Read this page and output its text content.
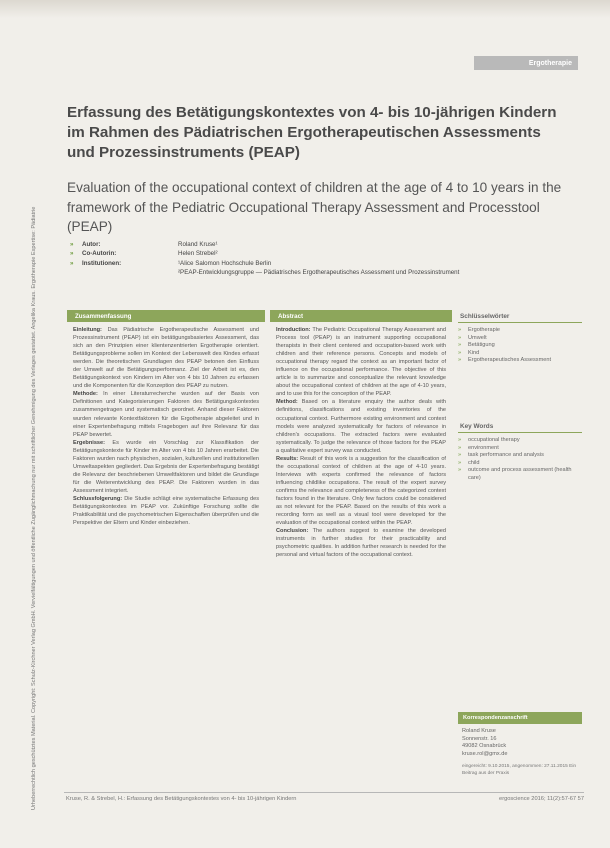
Urheberrechtlich geschütztes Material. Copyright: Schulz-Kirchner Verlag GmbH. Vervielfältigungen und öffentliche Zugänglichmachung nur mit schriftlicher Genehmigung des Verlages gestattet. Angelika Kraus. Ergotherapie Expertise: Pädiatrie
Ergotherapie
Erfassung des Betätigungskontextes von 4- bis 10-jährigen Kindern im Rahmen des Pädiatrischen Ergotherapeutischen Assessments und Prozessinstruments (PEAP)
Evaluation of the occupational context of children at the age of 4 to 10 years in the framework of the Pediatric Occupational Therapy Assessment and Processtool (PEAP)
» Autor:	Roland Kruse¹
» Co-Autorin:	Helen Strebel²
» Institutionen:	¹Alice Salomon Hochschule Berlin
²PEAP-Entwicklungsgruppe — Pädiatrisches Ergotherapeutisches Assessment und Prozessinstrument
Zusammenfassung

Einleitung: Das Pädiatrische Ergotherapeutische Assessment und Prozessinstrument (PEAP) ist ein betätigungsbasiertes Assessment, das sich an den Prinzipien einer klientenzentrierten Ergotherapie orientiert. Betätigungsprobleme sollen im Kontext der Lebenswelt des Kindes erfasst werden. Die theoretischen Grundlagen des PEAP betonen den Einfluss der Umwelt auf die Betätigungsperformanz. Ziel der Arbeit ist es, den Betätigungskontext von Kindern im Alter von 4 bis 10 Jahren zu erfassen und die Komponenten für die Konzeption des PEAP zu nutzen.

Methode: In einer Literaturrecherche wurden auf der Basis von Definitionen und Kategorisierungen Faktoren des Betätigungskontextes zusammengetragen und systematisch geordnet. Anhand dieser Faktoren wurden relevante Kontextfaktoren für die Ergotherapie abgeleitet und in einer Expertenbefragung mittels Fragebogen auf ihre Relevanz für das PEAP bewertet.

Ergebnisse: Es wurde ein Vorschlag zur Klassifikation der Betätigungskontexte für Kinder im Alter von 4 bis 10 Jahren erarbeitet. Die Faktoren wurden nach physischen, sozialen, kulturellen und institutionellen Umweltaspekten gegliedert. Das Ergebnis der Expertenbefragung bestätigt die Relevanz der beschriebenen Umweltfaktoren und bildet die Grundlage für die Weiterentwicklung des PEAP. Die Faktoren wurden in das Assessment integriert.

Schlussfolgerung: Die Studie schlägt eine systematische Erfassung des Betätigungskontextes im PEAP vor. Zukünftige Forschung sollte die Praktikabilität und die psychometrischen Eigenschaften überprüfen und die Perspektive der Eltern und Kinder einbeziehen.

Abstract

Introduction: The Pediatric Occupational Therapy Assessment and Process tool (PEAP) is an instrument supporting occupational therapists in their client centered and occupation-based work with children and their reference persons. Concepts and models of occupational therapy regard the context as an important factor of influence on the occupational performance. The objective of this article is to summarize and conceptualize the relevant knowledge about the occupational context of children at the age of 4-10 years, and to use this for the conception of the PEAP.

Method: Based on a literature enquiry the author deals with definitions, classifications and existing inventories of the occupational context. Furthermore existing environment and context models were analyzed systematically for factors of relevance in children's occupations. The extracted factors were evaluated systematically. To judge the relevance of those factors for the PEAP a qualitative expert survey was conducted.

Results: Result of this work is a suggestion for the classification of the occupational context of children at the age of 4-10 years. Interviews with experts confirmed the relevance of factors influencing childlike occupations. The result of the expert survey confirms the relevance and completeness of the categorized context factors found in the literature. Only few factors could be considered as not relevant for the PEAP. Based on the results of this work a recording form as well as a visual tool were developed for the evaluation of the occupational context within the PEAP.

Conclusion: The authors suggest to examine the developed instruments in further studies for their practicability and psychometric qualities. In addition further research is needed for the personal and virtual factors of the occupational context.

Schlüsselwörter
» Ergotherapie
» Umwelt
» Betätigung
» Kind
» Ergotherapeutisches Assessment
Key Words
» occupational therapy
» environment
» task performance and analysis
» child
» outcome and process assessment (health care)
Korrespondenzanschrift
Roland Kruse
Sonnenstr. 16
49082 Osnabrück
kruse.rol@gmx.de
eingereicht: 9.10.2015, angenommen: 27.11.2015 Ein Beitrag aus der Praxis
Kruse, R. & Strebel, H.: Erfassung des Betätigungskontextes von 4- bis 10-jährigen Kindern	ergoscience 2016; 11(2):57-67 57
